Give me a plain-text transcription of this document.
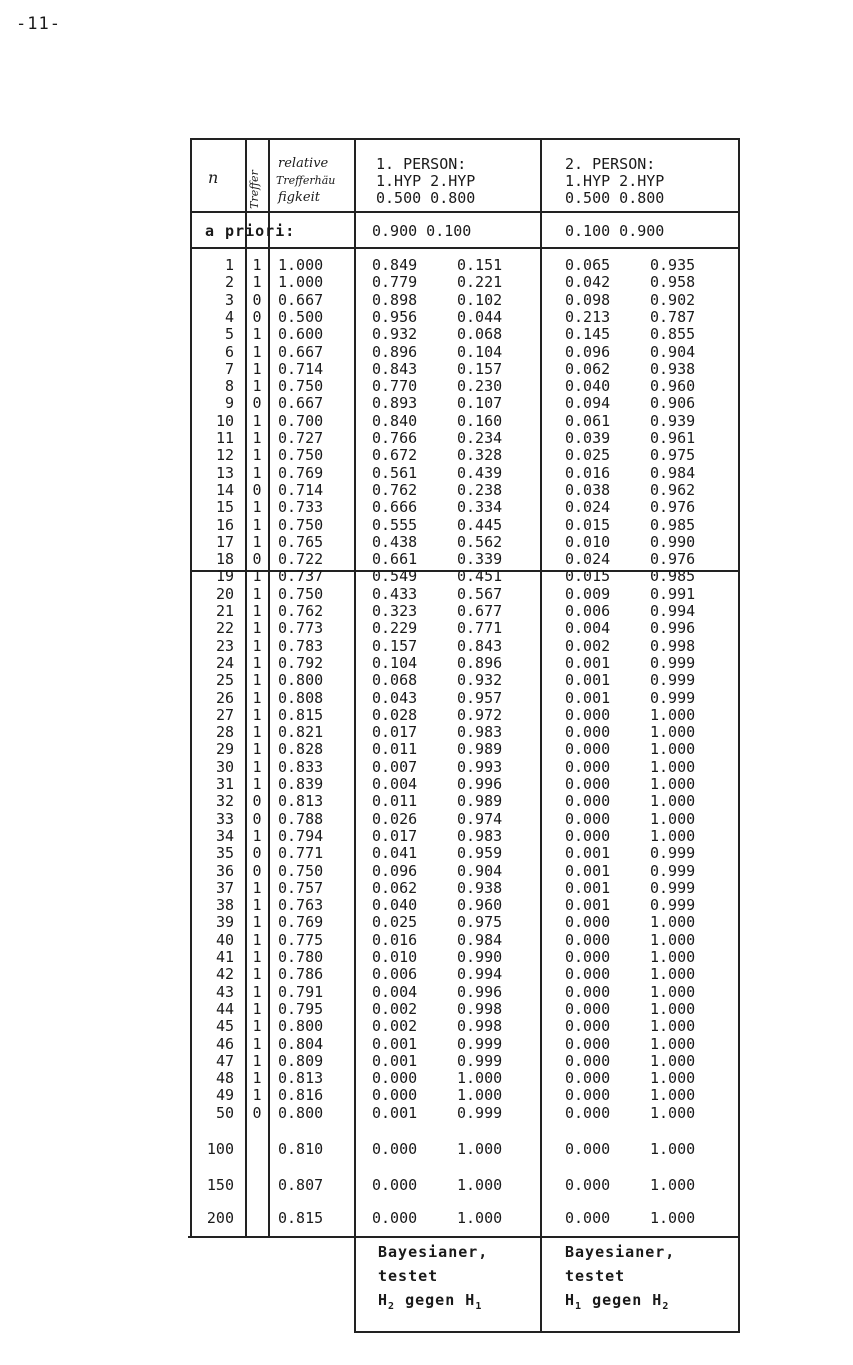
-11-
n	Treffer
relative
Trefferhäu
figkeit
1. PERSON:
1.HYP 2.HYP
0.500 0.800
2. PERSON:
1.HYP 2.HYP
0.500 0.800
a priori:	0.900 0.100	0.100 0.900
1 1 1.000	0.849	0.151	0.065	0.935
2 1 1.000	0.779	0.221	0.042	0.958
3 0 0.667	0.898	0.102	0.098	0.902
4 0 0.500	0.956	0.044	0.213	0.787
5 1 0.600	0.932	0.068	0.145	0.855
6 1 0.667	0.896	0.104	0.096	0.904
7 1 0.714	0.843	0.157	0.062	0.938
8 1 0.750	0.770	0.230	0.040	0.960
9 0 0.667	0.893	0.107	0.094	0.906
10 1 0.700	0.840	0.160	0.061	0.939
11 1 0.727	0.766	0.234	0.039	0.961
12 1 0.750	0.672	0.328	0.025	0.975
13 1 0.769	0.561	0.439	0.016	0.984
14 0 0.714	0.762	0.238	0.038	0.962
15 1 0.733	0.666	0.334	0.024	0.976
16 1 0.750	0.555	0.445	0.015	0.985
17 1 0.765	0.438	0.562	0.010	0.990
18 0 0.722	0.661	0.339	0.024	0.976
19 1 0.737	0.549	0.451	0.015	0.985
20 1 0.750	0.433	0.567	0.009	0.991
21 1 0.762	0.323	0.677	0.006	0.994
22 1 0.773	0.229	0.771	0.004	0.996
23 1 0.783	0.157	0.843	0.002	0.998
24 1 0.792	0.104	0.896	0.001	0.999
25 1 0.800	0.068	0.932	0.001	0.999
26 1 0.808	0.043	0.957	0.001	0.999
27 1 0.815	0.028	0.972	0.000	1.000
28 1 0.821	0.017	0.983	0.000	1.000
29 1 0.828	0.011	0.989	0.000	1.000
30 1 0.833	0.007	0.993	0.000	1.000
31 1 0.839	0.004	0.996	0.000	1.000
32 0 0.813	0.011	0.989	0.000	1.000
33 0 0.788	0.026	0.974	0.000	1.000
34 1 0.794	0.017	0.983	0.000	1.000
35 0 0.771	0.041	0.959	0.001	0.999
36 0 0.750	0.096	0.904	0.001	0.999
37 1 0.757	0.062	0.938	0.001	0.999
38 1 0.763	0.040	0.960	0.001	0.999
39 1 0.769	0.025	0.975	0.000	1.000
40 1 0.775	0.016	0.984	0.000	1.000
41 1 0.780	0.010	0.990	0.000	1.000
42 1 0.786	0.006	0.994	0.000	1.000
43 1 0.791	0.004	0.996	0.000	1.000
44 1 0.795	0.002	0.998	0.000	1.000
45 1 0.800	0.002	0.998	0.000	1.000
46 1 0.804	0.001	0.999	0.000	1.000
47 1 0.809	0.001	0.999	0.000	1.000
48 1 0.813	0.000	1.000	0.000	1.000
49 1 0.816	0.000	1.000	0.000	1.000
50 0 0.800	0.001	0.999	0.000	1.000
100	0.810	0.000	1.000	0.000	1.000
150	0.807	0.000	1.000	0.000	1.000
200	0.815	0.000	1.000	0.000	1.000
Bayesianer,
testet
$H_2$ gegen $H_1$
Bayesianer,
testet
$H_1$ gegen $H_2$
